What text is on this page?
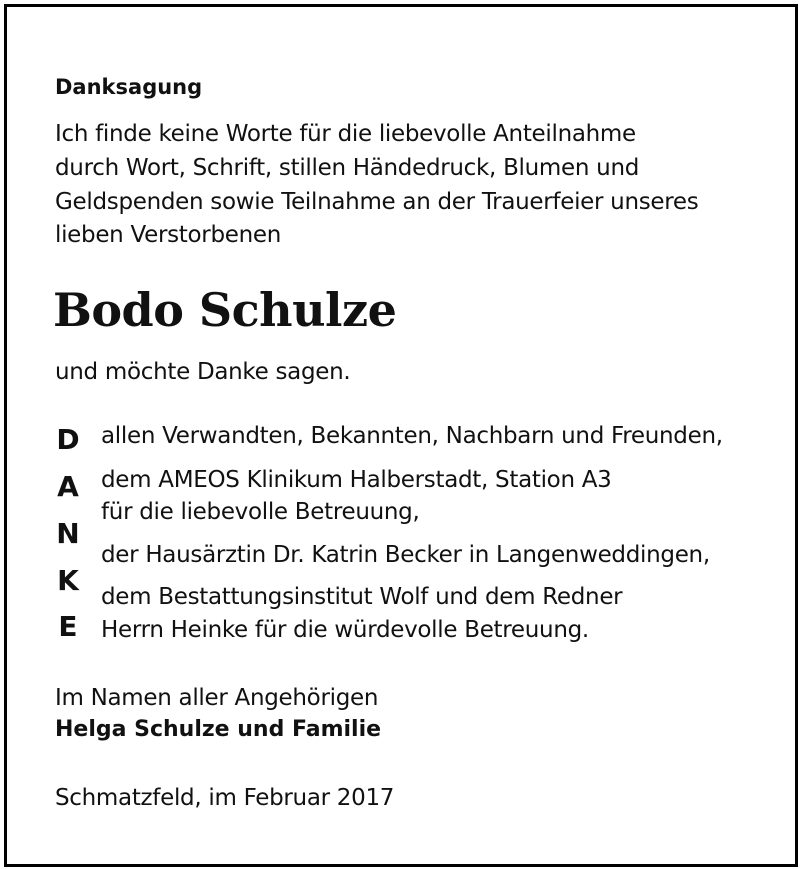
Danksagung
Ich finde keine Worte für die liebevolle Anteilnahme
durch Wort, Schrift, stillen Händedruck, Blumen und
Geldspenden sowie Teilnahme an der Trauerfeier unseres
lieben Verstorbenen
Bodo Schulze
und möchte Danke sagen.
D
A
N
K
E
allen Verwandten, Bekannten, Nachbarn und Freunden,
dem AMEOS Klinikum Halberstadt, Station A3
für die liebevolle Betreuung,
der Hausärztin Dr. Katrin Becker in Langenweddingen,
dem Bestattungsinstitut Wolf und dem Redner
Herrn Heinke für die würdevolle Betreuung.
Im Namen aller Angehörigen
Helga Schulze und Familie
Schmatzfeld, im Februar 2017
